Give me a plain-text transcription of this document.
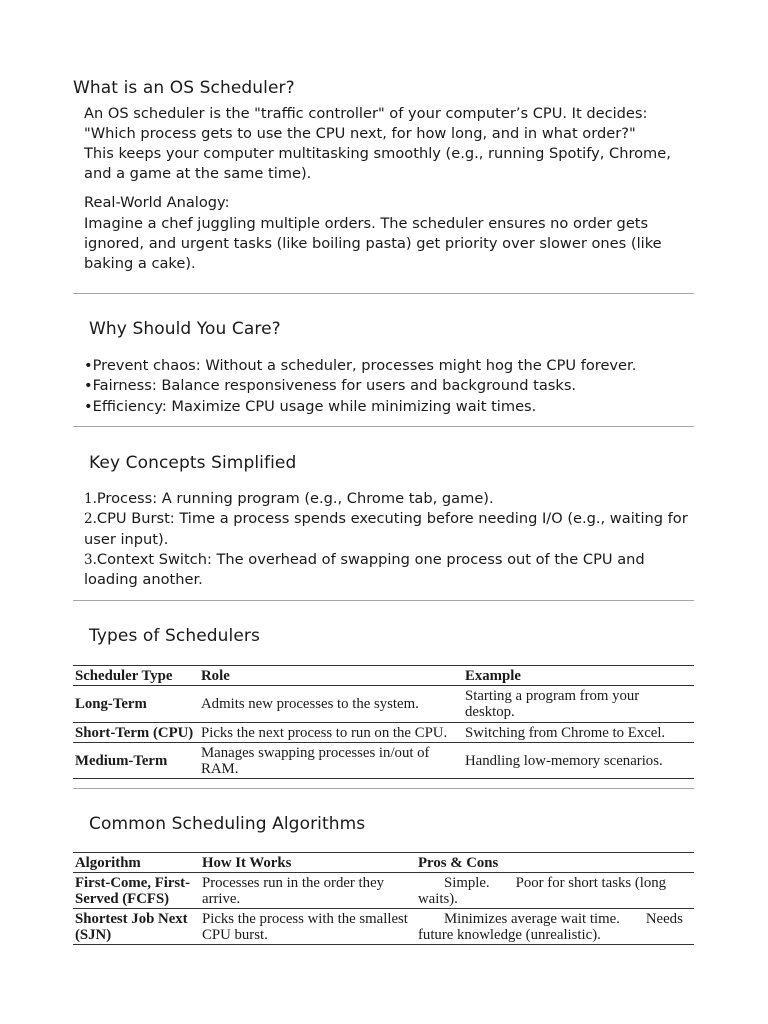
What is an OS Scheduler?

An OS scheduler is the "traffic controller" of your computer’s CPU. It decides:
"Which process gets to use the CPU next, for how long, and in what order?"
This keeps your computer multitasking smoothly (e.g., running Spotify, Chrome,
and a game at the same time).

Real-World Analogy:

Imagine a chef juggling multiple orders. The scheduler ensures no order gets
ignored, and urgent tasks (like boiling pasta) get priority over slower ones (like
baking a cake).

Why Should You Care?
•Prevent chaos: Without a scheduler, processes might hog the CPU forever.
•Fairness: Balance responsiveness for users and background tasks.
•Efficiency: Maximize CPU usage while minimizing wait times.
Key Concepts Simplified
1.Process: A running program (e.g., Chrome tab, game).
2.CPU Burst: Time a process spends executing before needing I/O (e.g., waiting for
user input).
3.Context Switch: The overhead of swapping one process out of the CPU and
loading another.
Types of Schedulers
Scheduler Type	Role	Example
Long-Term	Admits new processes to the system.	Starting a program from your
desktop.
Short-Term (CPU)	Picks the next process to run on the CPU.	Switching from Chrome to Excel.
Medium-Term	Manages swapping processes in/out of
RAM.	Handling low-memory scenarios.
Common Scheduling Algorithms
Algorithm	How It Works	Pros & Cons
First-Come, First-
Served (FCFS)	Processes run in the order they
arrive.	Simple. Poor for short tasks (long
waits).
Shortest Job Next
(SJN)	Picks the process with the smallest
CPU burst.	Minimizes average wait time. Needs
future knowledge (unrealistic).
